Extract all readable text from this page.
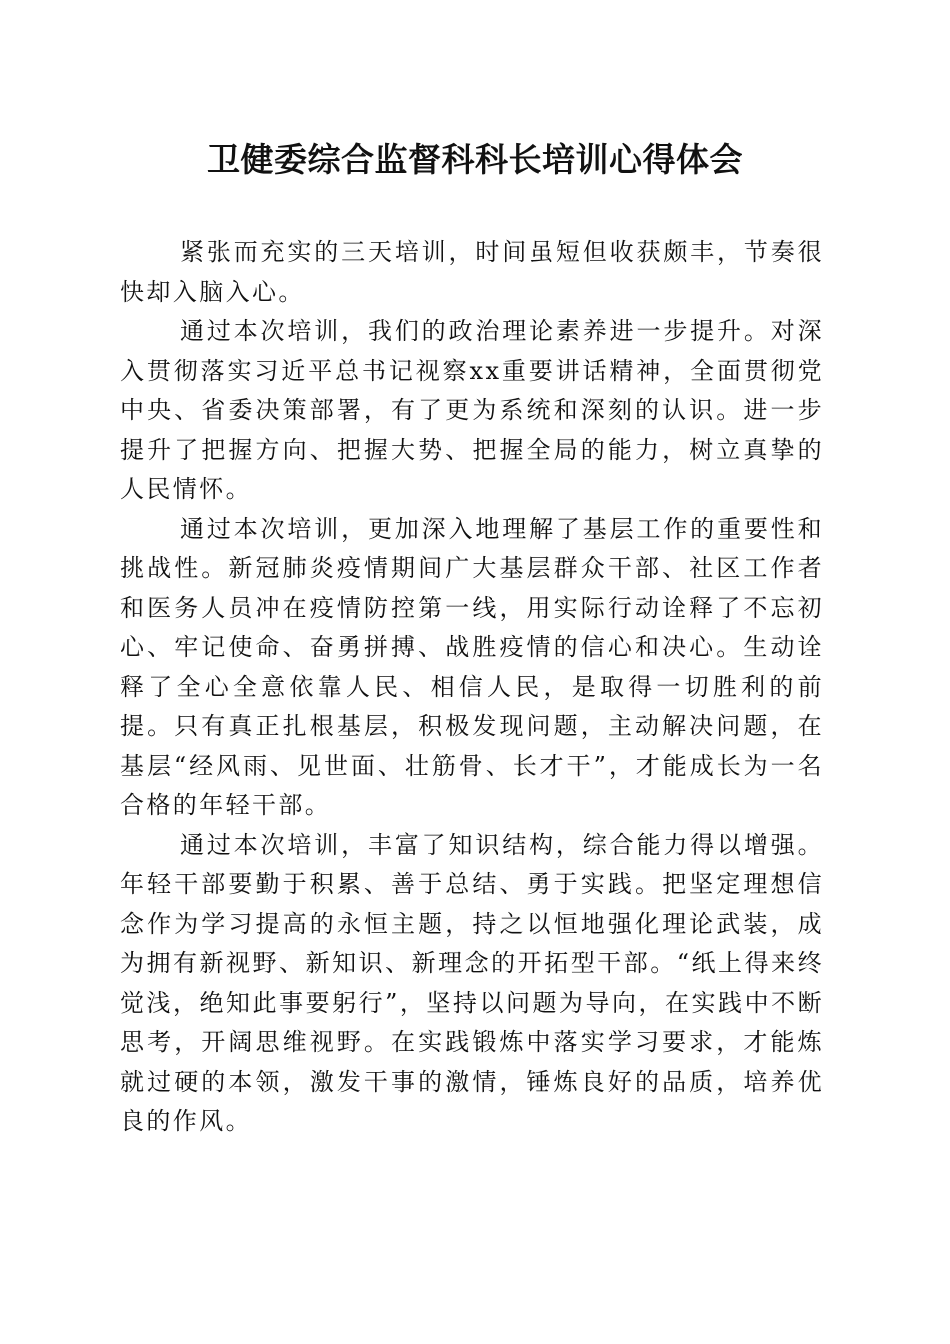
卫健委综合监督科科长培训心得体会

紧张而充实的三天培训，时间虽短但收获颇丰，节奏很快却入脑入心。

通过本次培训，我们的政治理论素养进一步提升。对深入贯彻落实习近平总书记视察xx重要讲话精神，全面贯彻党中央、省委决策部署，有了更为系统和深刻的认识。进一步提升了把握方向、把握大势、把握全局的能力，树立真挚的人民情怀。

通过本次培训，更加深入地理解了基层工作的重要性和挑战性。新冠肺炎疫情期间广大基层群众干部、社区工作者和医务人员冲在疫情防控第一线，用实际行动诠释了不忘初心、牢记使命、奋勇拼搏、战胜疫情的信心和决心。生动诠释了全心全意依靠人民、相信人民，是取得一切胜利的前提。只有真正扎根基层，积极发现问题，主动解决问题，在基层“经风雨、见世面、壮筋骨、长才干”，才能成长为一名合格的年轻干部。

通过本次培训，丰富了知识结构，综合能力得以增强。年轻干部要勤于积累、善于总结、勇于实践。把坚定理想信念作为学习提高的永恒主题，持之以恒地强化理论武装，成为拥有新视野、新知识、新理念的开拓型干部。“纸上得来终觉浅，绝知此事要躬行”，坚持以问题为导向，在实践中不断思考，开阔思维视野。在实践锻炼中落实学习要求，才能炼就过硬的本领，激发干事的激情，锤炼良好的品质，培养优良的作风。
